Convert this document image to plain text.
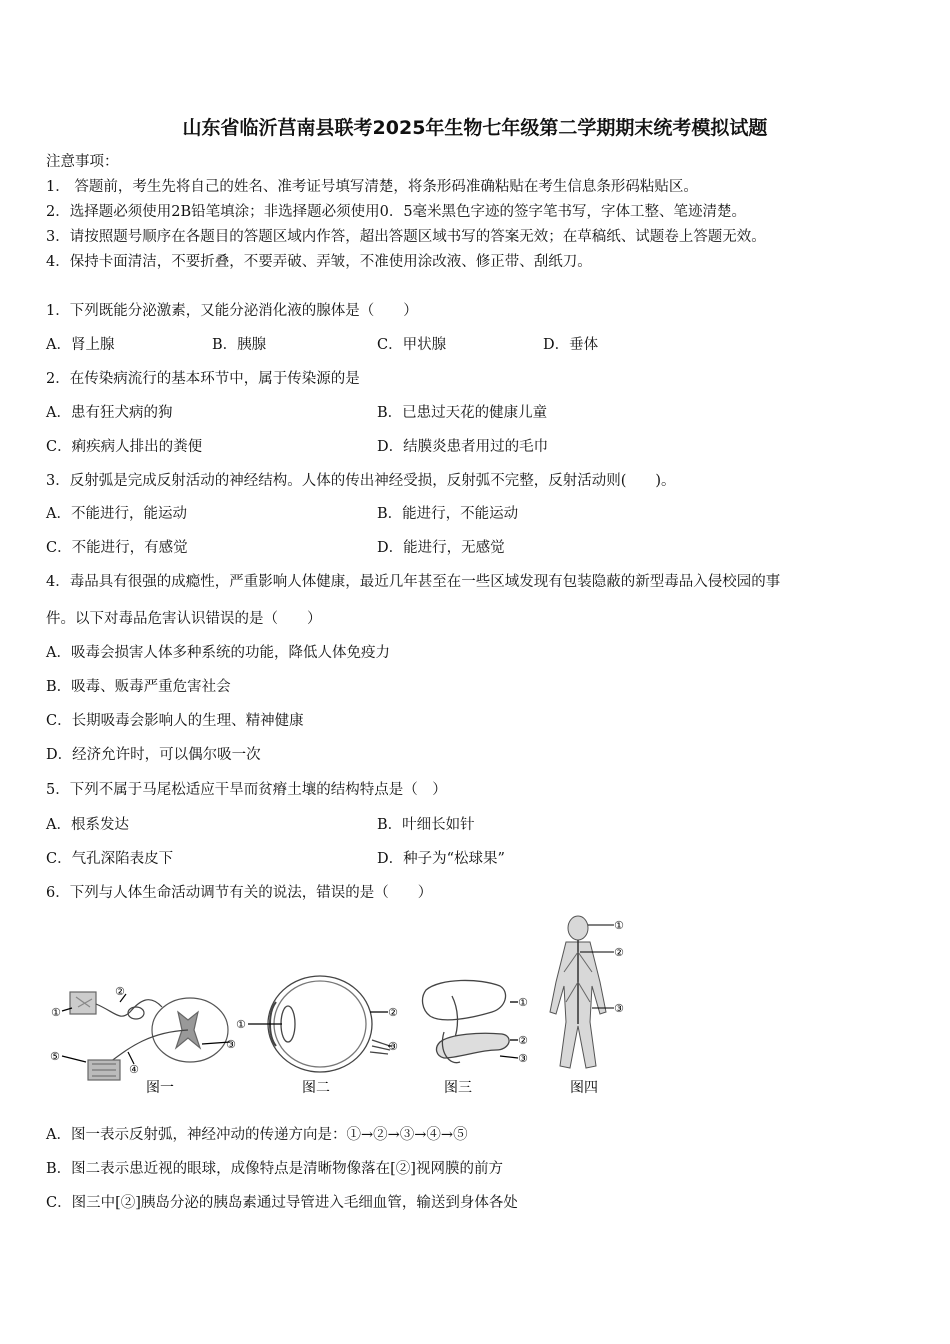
山东省临沂莒南县联考2025年生物七年级第二学期期末统考模拟试题
注意事项：
1． 答题前，考生先将自己的姓名、准考证号填写清楚，将条形码准确粘贴在考生信息条形码粘贴区。
2．选择题必须使用2B铅笔填涂；非选择题必须使用0．5毫米黑色字迹的签字笔书写，字体工整、笔迹清楚。
3．请按照题号顺序在各题目的答题区域内作答，超出答题区域书写的答案无效；在草稿纸、试题卷上答题无效。
4．保持卡面清洁，不要折叠，不要弄破、弄皱，不准使用涂改液、修正带、刮纸刀。
1．下列既能分泌激素，又能分泌消化液的腺体是（　　）
A．肾上腺	B．胰腺	C．甲状腺	D．垂体
2．在传染病流行的基本环节中，属于传染源的是
A．患有狂犬病的狗	B．已患过天花的健康儿童
C．痢疾病人排出的粪便	D．结膜炎患者用过的毛巾
3．反射弧是完成反射活动的神经结构。人体的传出神经受损，反射弧不完整，反射活动则(　　)。
A．不能进行，能运动	B．能进行，不能运动
C．不能进行，有感觉	D．能进行，无感觉
4．毒品具有很强的成瘾性，严重影响人体健康，最近几年甚至在一些区域发现有包装隐蔽的新型毒品入侵校园的事
件。以下对毒品危害认识错误的是（　　）
A．吸毒会损害人体多种系统的功能，降低人体免疫力
B．吸毒、贩毒严重危害社会
C．长期吸毒会影响人的生理、精神健康
D．经济允许时，可以偶尔吸一次
5．下列不属于马尾松适应干旱而贫瘠土壤的结构特点是（　）
A．根系发达	B．叶细长如针
C．气孔深陷表皮下	D．种子为“松球果”
6．下列与人体生命活动调节有关的说法，错误的是（　　）
①
②
③
④
⑤
图一
①
②
③
图二
①
②
③
图三
①
②
③
图四
A．图一表示反射弧，神经冲动的传递方向是：①→②→③→④→⑤
B．图二表示患近视的眼球，成像特点是清晰物像落在[②]视网膜的前方
C．图三中[②]胰岛分泌的胰岛素通过导管进入毛细血管，输送到身体各处
